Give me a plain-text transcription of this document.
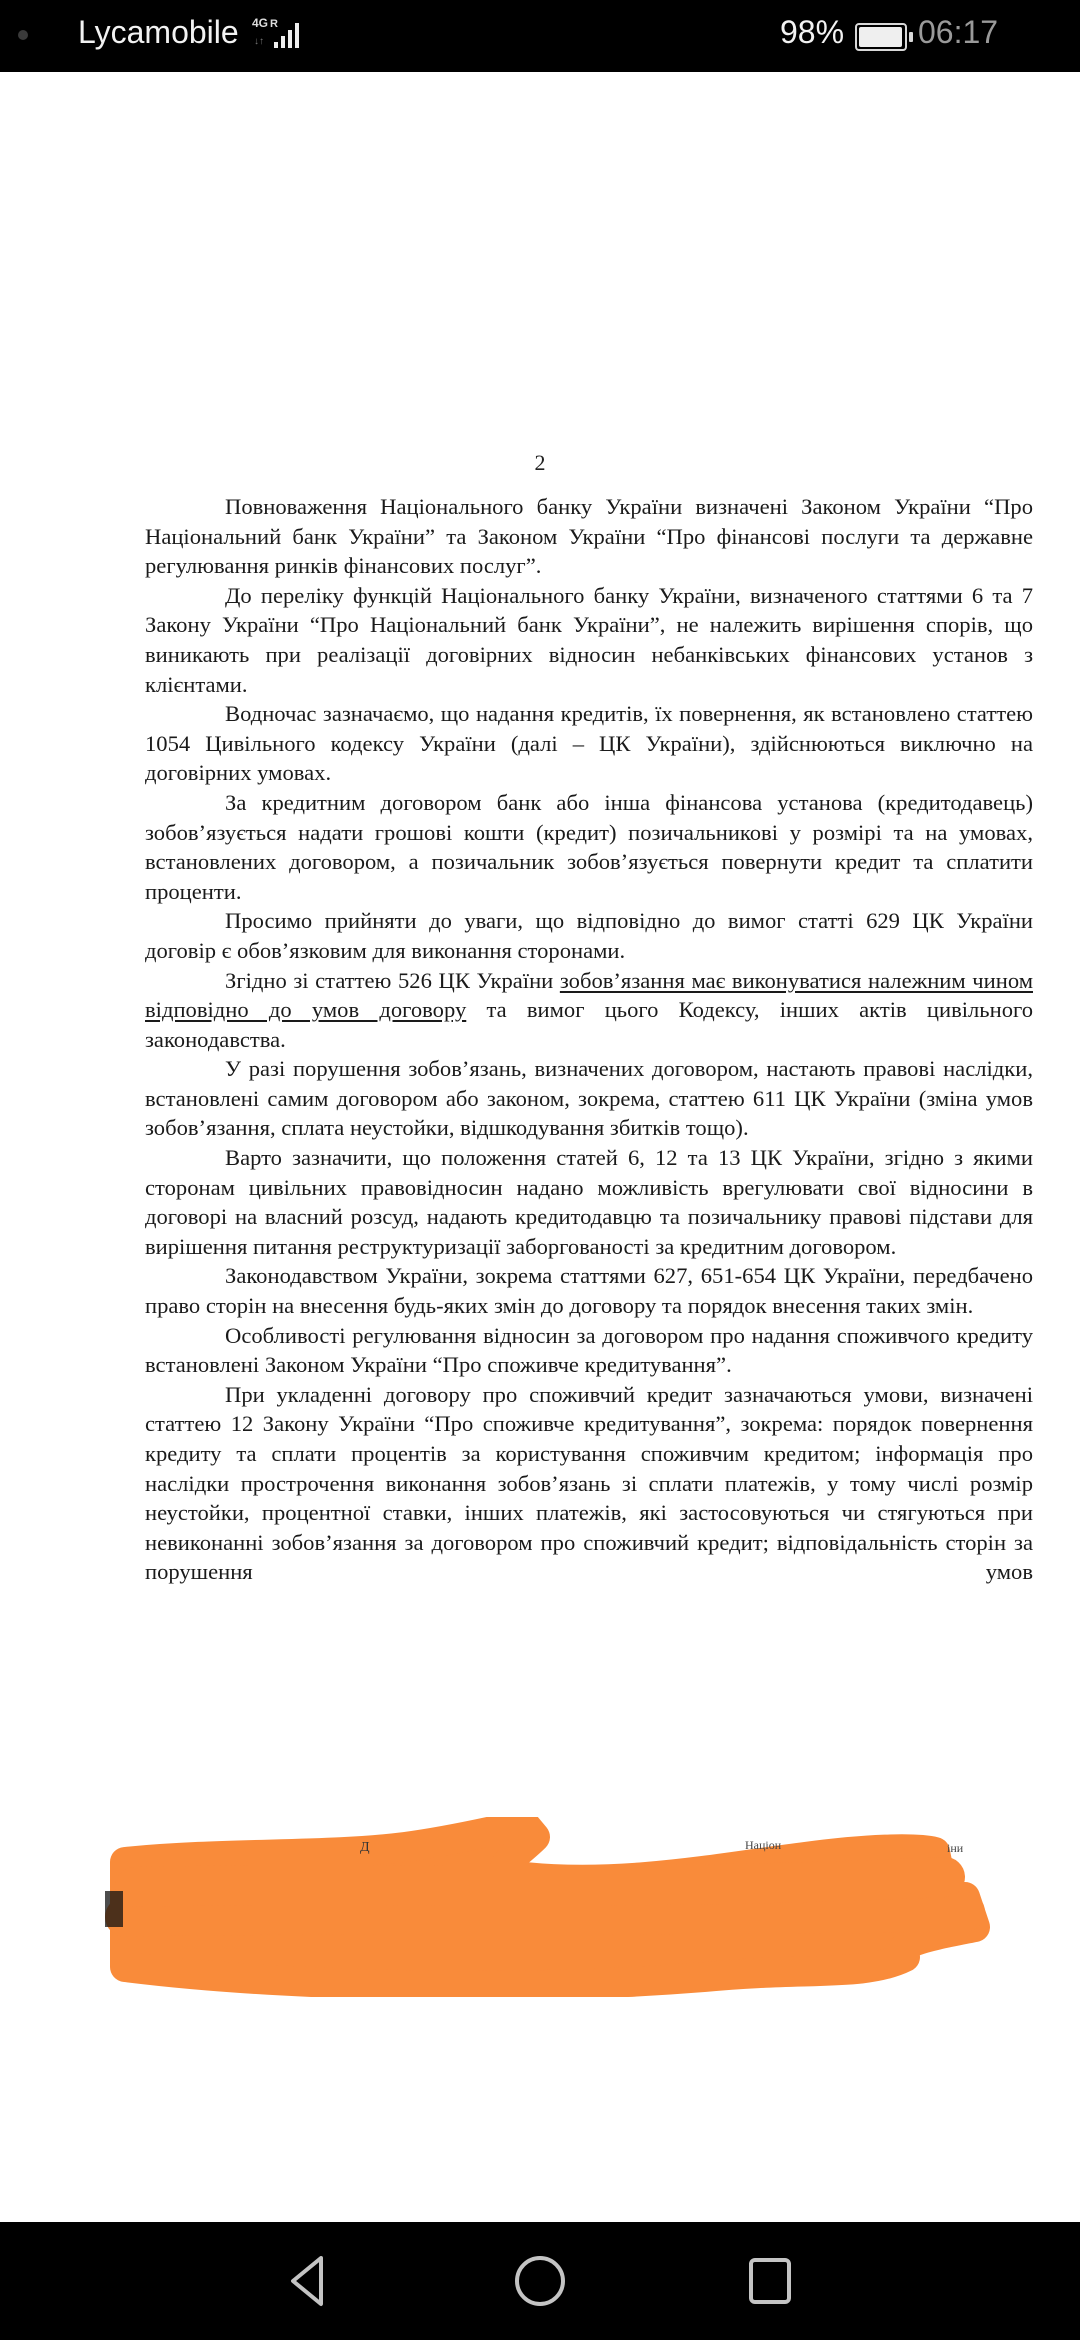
Lycamobile 4G R
↓↑	98% 06:17
2

Повноваження Національного банку України визначені Законом України “Про Національний банк України” та Законом України “Про фінансові послуги та державне регулювання ринків фінансових послуг”.

До переліку функцій Національного банку України, визначеного статтями 6 та 7 Закону України “Про Національний банк України”, не належить вирішення спорів, що виникають при реалізації договірних відносин небанківських фінансових установ з клієнтами.

Водночас зазначаємо, що надання кредитів, їх повернення, як встановлено статтею 1054 Цивільного кодексу України (далі – ЦК України), здійснюються виключно на договірних умовах.

За кредитним договором банк або інша фінансова установа (кредитодавець) зобов’язується надати грошові кошти (кредит) позичальникові у розмірі та на умовах, встановлених договором, а позичальник зобов’язується повернути кредит та сплатити проценти.

Просимо прийняти до уваги, що відповідно до вимог статті 629 ЦК України договір є обов’язковим для виконання сторонами.

Згідно зі статтею 526 ЦК України зобов’язання має виконуватися належним чином відповідно до умов договору та вимог цього Кодексу, інших актів цивільного законодавства.

У разі порушення зобов’язань, визначених договором, настають правові наслідки, встановлені самим договором або законом, зокрема, статтею 611 ЦК України (зміна умов зобов’язання, сплата неустойки, відшкодування збитків тощо).

Варто зазначити, що положення статей 6, 12 та 13 ЦК України, згідно з якими сторонам цивільних правовідносин надано можливість врегулювати свої відносини в договорі на власний розсуд, надають кредитодавцю та позичальнику правові підстави для вирішення питання реструктуризації заборгованості за кредитним договором.

Законодавством України, зокрема статтями 627, 651-654 ЦК України, передбачено право сторін на внесення будь-яких змін до договору та порядок внесення таких змін.

Особливості регулювання відносин за договором про надання споживчого кредиту встановлені Законом України “Про споживче кредитування”.

При укладенні договору про споживчий кредит зазначаються умови, визначені статтею 12 Закону України “Про споживче кредитування”, зокрема: порядок повернення кредиту та сплати процентів за користування споживчим кредитом; інформація про наслідки прострочення виконання зобов’язань зі сплати платежів, у тому числі розмір неустойки, процентної ставки, інших платежів, які застосовуються чи стягуються при невиконанні зобов’язання за договором про споживчий кредит; відповідальність сторін за порушення умов

Д	Націон	іни
